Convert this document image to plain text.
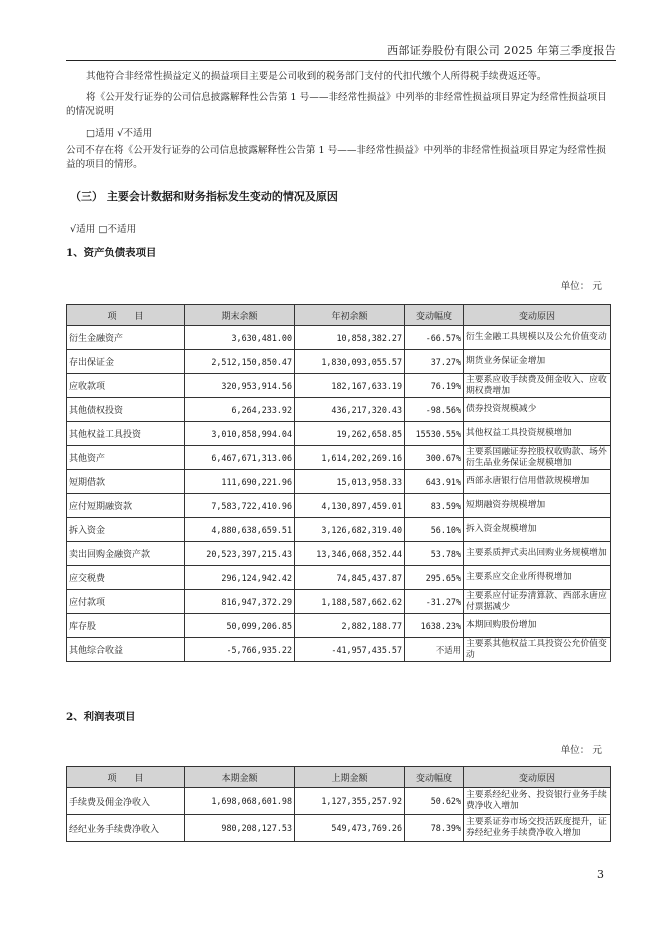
西部证券股份有限公司 2025 年第三季度报告
其他符合非经常性损益定义的损益项目主要是公司收到的税务部门支付的代扣代缴个人所得税手续费返还等。
将《公开发行证券的公司信息披露解释性公告第 1 号——非经常性损益》中列举的非经常性损益项目界定为经常性损益项目的情况说明
□适用 √不适用
公司不存在将《公开发行证券的公司信息披露解释性公告第 1 号——非经常性损益》中列举的非经常性损益项目界定为经常性损益的项目的情形。
（三） 主要会计数据和财务指标发生变动的情况及原因
√适用 □不适用
1、资产负债表项目
单位： 元
项　　目	期末余额	年初余额	变动幅度	变动原因
衍生金融资产	3,630,481.00	10,858,382.27	-66.57%	衍生金融工具规模以及公允价值变动
存出保证金	2,512,150,850.47	1,830,093,055.57	37.27%	期货业务保证金增加
应收款项	320,953,914.56	182,167,633.19	76.19%	主要系应收手续费及佣金收入、应收期权费增加
其他债权投资	6,264,233.92	436,217,320.43	-98.56%	债券投资规模减少
其他权益工具投资	3,010,858,994.04	19,262,658.85	15530.55%	其他权益工具投资规模增加
其他资产	6,467,671,313.06	1,614,202,269.16	300.67%	主要系国融证券控股权收购款、场外衍生品业务保证金规模增加
短期借款	111,690,221.96	15,013,958.33	643.91%	西部永唐银行信用借款规模增加
应付短期融资款	7,583,722,410.96	4,130,897,459.01	83.59%	短期融资券规模增加
拆入资金	4,880,638,659.51	3,126,682,319.40	56.10%	拆入资金规模增加
卖出回购金融资产款	20,523,397,215.43	13,346,068,352.44	53.78%	主要系质押式卖出回购业务规模增加
应交税费	296,124,942.42	74,845,437.87	295.65%	主要系应交企业所得税增加
应付款项	816,947,372.29	1,188,587,662.62	-31.27%	主要系应付证券清算款、西部永唐应付票据减少
库存股	50,099,206.85	2,882,188.77	1638.23%	本期回购股份增加
其他综合收益	-5,766,935.22	-41,957,435.57	不适用	主要系其他权益工具投资公允价值变动
2、利润表项目
单位： 元
项　　目	本期金额	上期金额	变动幅度	变动原因
手续费及佣金净收入	1,698,068,601.98	1,127,355,257.92	50.62%	主要系经纪业务、投资银行业务手续费净收入增加
经纪业务手续费净收入	980,208,127.53	549,473,769.26	78.39%	主要系证券市场交投活跃度提升，证券经纪业务手续费净收入增加
3
